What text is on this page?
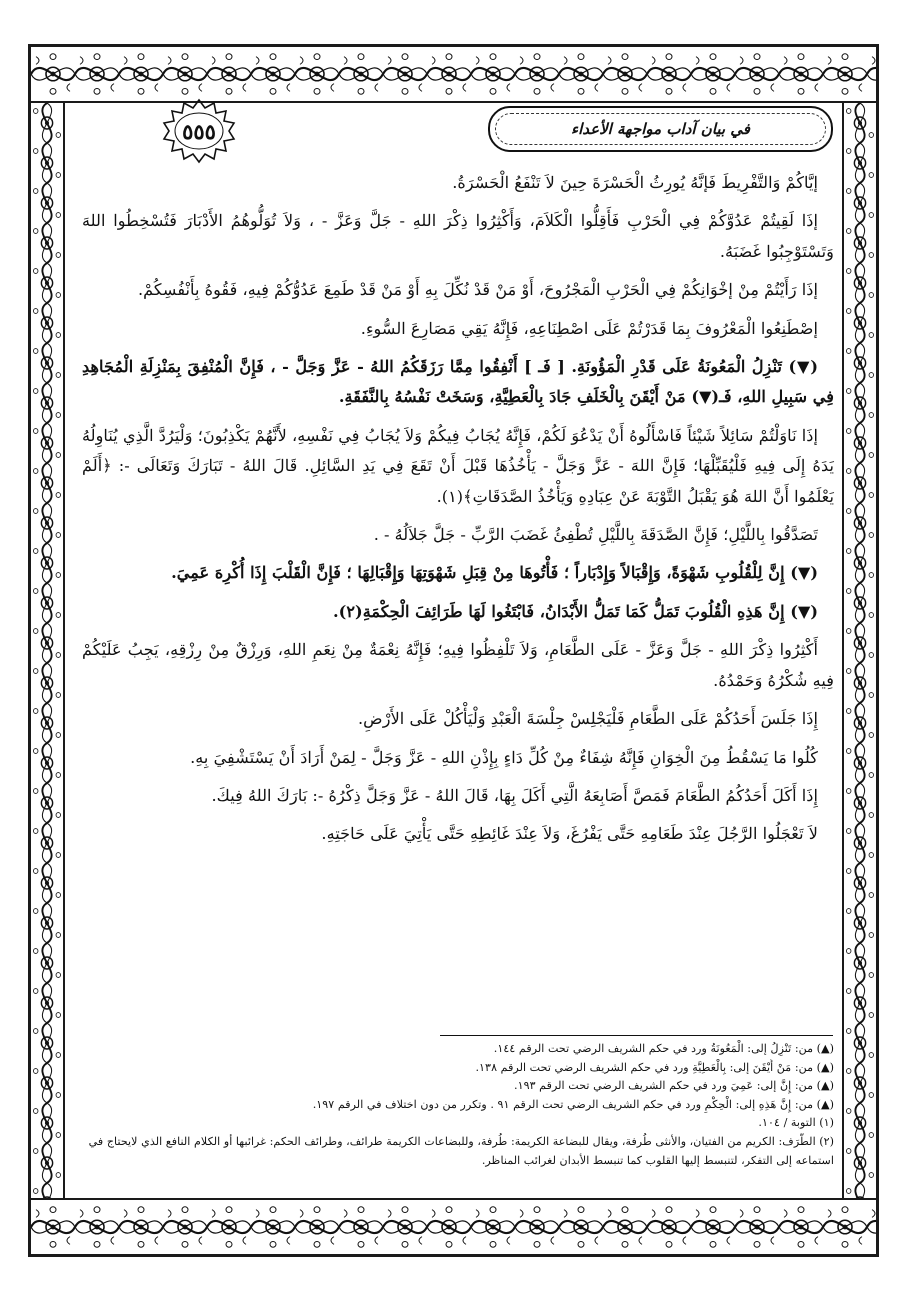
في بيان آداب مواجهة الأعداء
٥٥٥

إيَّاكُمْ وَالتَّفْرِيطَ فَإنَّهُ يُورِثُ الْحَسْرَةَ حِينَ لاَ تَنْفَعُ الْحَسْرَةُ.

إذَا لَقِيتُمْ عَدُوَّكُمْ فِي الْحَرْبِ فَأَقِلُّوا الْكَلاَمَ، وَأَكْثِرُوا ذِكْرَ اللهِ - جَلَّ وَعَزَّ - ، وَلاَ تُوَلُّوهُمُ الأَدْبَارَ فَتُسْخِطُوا اللهَ وَتَسْتَوْجِبُوا غَضَبَهُ.

إذَا رَأَيْتُمْ مِنْ إخْوَانِكُمْ فِي الْحَرْبِ الْمَجْرُوحَ، أَوْ مَنْ قَدْ نُكِّلَ بِهِ أَوْ مَنْ قَدْ طَمِعَ عَدُوُّكُمْ فِيهِ، فَقُوهُ بِأَنْفُسِكُمْ.

إصْطَنِعُوا الْمَعْرُوفَ بِمَا قَدَرْتُمْ عَلَى اصْطِنَاعِهِ، فَإِنَّهُ يَقِي مَصَارِعَ السُّوءِ.

(▼) تَنْزِلُ الْمَعُونَةُ عَلَى قَدْرِ الْمَؤُونَةِ. [ فَـ ] أَنْفِقُوا مِمَّا رَزَقَكُمُ اللهُ - عَزَّ وَجَلَّ - ، فَإِنَّ الْمُنْفِقَ بِمَنْزِلَةِ الْمُجَاهِدِ فِي سَبِيلِ اللهِ، فَـ(▼) مَنْ أَيْقَنَ بِالْخَلَفِ جَادَ بِالْعَطِيَّةِ، وَسَخَتْ نَفْسُهُ بِالنَّفَقَةِ.

إذَا نَاوَلْتُمْ سَائِلاً شَيْئاً فَاسْأَلُوهُ أَنْ يَدْعُوَ لَكُمْ، فَإِنَّهُ يُجَابُ فِيكُمْ وَلاَ يُجَابُ فِي نَفْسِهِ، لأَنَّهُمْ يَكْذِبُونَ؛ وَلْيَرُدَّ الَّذِي يُنَاوِلُهُ يَدَهُ إِلَى فِيهِ فَلْيُقَبِّلْهَا؛ فَإِنَّ اللهَ - عَزَّ وَجَلَّ - يَأْخُذُهَا قَبْلَ أَنْ تَقَعَ فِي يَدِ السَّائِلِ. قَالَ اللهُ - تَبَارَكَ وَتَعَالَى -: ﴿أَلَمْ يَعْلَمُوا أَنَّ اللهَ هُوَ يَقْبَلُ التَّوْبَةَ عَنْ عِبَادِهِ وَيَأْخُذُ الصَّدَقَاتِ﴾(١).

تَصَدَّقُوا بِاللَّيْلِ؛ فَإِنَّ الصَّدَقَةَ بِاللَّيْلِ تُطْفِئُ غَضَبَ الرَّبِّ - جَلَّ جَلاَلُهُ - .

(▼) إِنَّ لِلْقُلُوبِ شَهْوَةً، وَإِقْبَالاً وَإِدْبَاراً ؛ فَأْتُوهَا مِنْ قِبَلِ شَهْوَتِهَا وَإِقْبَالِهَا ؛ فَإِنَّ الْقَلْبَ إِذَا أُكْرِهَ عَمِيَ.

(▼) إِنَّ هَذِهِ الْقُلُوبَ تَمَلُّ كَمَا تَمَلُّ الأَبْدَانُ، فَابْتَغُوا لَهَا طَرَائِفَ الْحِكْمَةِ(٢).

أَكْثِرُوا ذِكْرَ اللهِ - جَلَّ وَعَزَّ - عَلَى الطَّعَامِ، وَلاَ تَلْفِظُوا فِيهِ؛ فَإِنَّهُ نِعْمَةٌ مِنْ نِعَمِ اللهِ، وَرِزْقٌ مِنْ رِزْقِهِ، يَجِبُ عَلَيْكُمْ فِيهِ شُكْرُهُ وَحَمْدُهُ.

إِذَا جَلَسَ أَحَدُكُمْ عَلَى الطَّعَامِ فَلْيَجْلِسْ جِلْسَةَ الْعَبْدِ وَلْيَأْكُلْ عَلَى الأَرْضِ.

كُلُوا مَا يَسْقُطُ مِنَ الْخِوَانِ فَإِنَّهُ شِفَاءٌ مِنْ كُلِّ دَاءٍ بِإِذْنِ اللهِ - عَزَّ وَجَلَّ - لِمَنْ أَرَادَ أَنْ يَسْتَشْفِيَ بِهِ.

إِذَا أَكَلَ أَحَدُكُمُ الطَّعَامَ فَمَصَّ أَصَابِعَهُ الَّتِي أَكَلَ بِهَا، قَالَ اللهُ - عَزَّ وَجَلَّ ذِكْرُهُ -: بَارَكَ اللهُ فِيكَ.

لاَ تَعْجَلُوا الرَّجُلَ عِنْدَ طَعَامِهِ حَتَّى يَفْرُغَ، وَلاَ عِنْدَ غَائِطِهِ حَتَّى يَأْتِيَ عَلَى حَاجَتِهِ.

(▲) من: تَنْزِلُ إلى: الْمَعُونَةُ ورد في حكم الشريف الرضي تحت الرقم ١٤٤.
(▲) من: مَنْ أَيْقَنَ إلى: بِالْعَطِيَّةِ ورد في حكم الشريف الرضي تحت الرقم ١٣٨.
(▲) من: إِنَّ إلى: عَمِيَ ورد في حكم الشريف الرضي تحت الرقم ١٩٣.
(▲) من: إِنَّ هَذِهِ إلى: الْحِكْمِ ورد في حكم الشريف الرضي تحت الرقم ٩١ . وتكرر من دون اختلاف في الرقم ١٩٧.
(١) التوبة / ١٠٤.
(٢) الطُّرَف: الكريم من الفتيان، والأنثى طُرفة، ويقال للبضاعة الكريمة: طُرفة، وللبضاعات الكريمة طرائف، وطرائف الحكم: غرائبها أو الكلام النافع الذي لايحتاج في استماعه إلى التفكر، لتنبسط إليها القلوب كما تنبسط الأبدان لغرائب المناظر.
